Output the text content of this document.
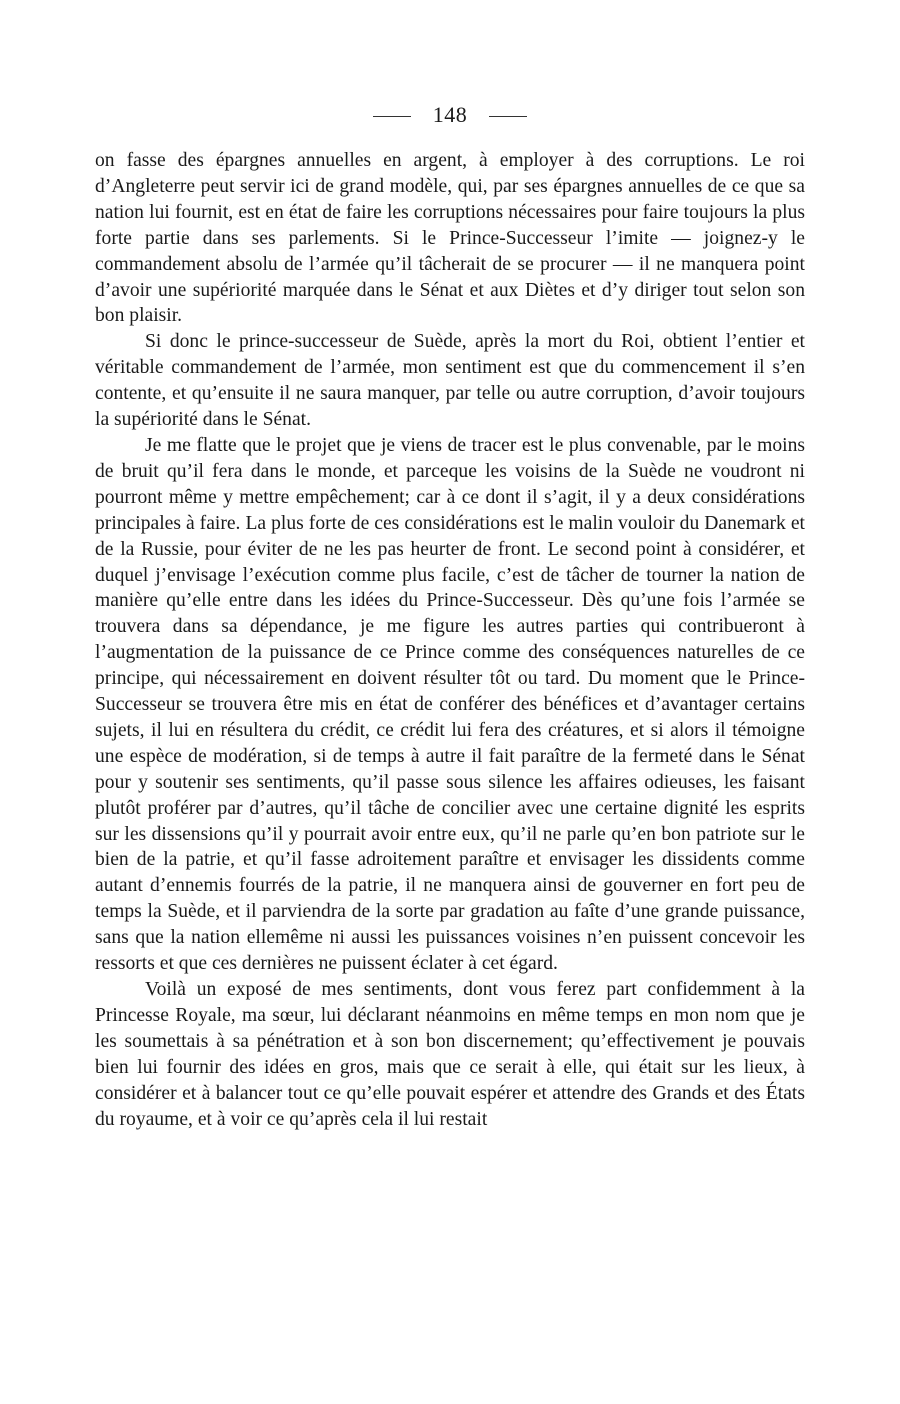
148

on fasse des épargnes annuelles en argent, à employer à des corruptions. Le roi d’Angleterre peut servir ici de grand modèle, qui, par ses épargnes annuelles de ce que sa nation lui fournit, est en état de faire les corruptions nécessaires pour faire toujours la plus forte partie dans ses parlements. Si le Prince-Successeur l’imite — joignez-y le commandement absolu de l’armée qu’il tâcherait de se procurer — il ne manquera point d’avoir une supériorité marquée dans le Sénat et aux Diètes et d’y diriger tout selon son bon plaisir.

Si donc le prince-successeur de Suède, après la mort du Roi, obtient l’entier et véritable commandement de l’armée, mon sentiment est que du commencement il s’en contente, et qu’ensuite il ne saura manquer, par telle ou autre corruption, d’avoir toujours la supériorité dans le Sénat.

Je me flatte que le projet que je viens de tracer est le plus convenable, par le moins de bruit qu’il fera dans le monde, et parceque les voisins de la Suède ne voudront ni pourront même y mettre empêchement; car à ce dont il s’agit, il y a deux considérations principales à faire. La plus forte de ces considérations est le malin vouloir du Danemark et de la Russie, pour éviter de ne les pas heurter de front. Le second point à considérer, et duquel j’envisage l’exécution comme plus facile, c’est de tâcher de tourner la nation de manière qu’elle entre dans les idées du Prince-Successeur. Dès qu’une fois l’armée se trouvera dans sa dépendance, je me figure les autres parties qui contribueront à l’augmentation de la puissance de ce Prince comme des conséquences naturelles de ce principe, qui nécessairement en doivent résulter tôt ou tard. Du moment que le Prince-Successeur se trouvera être mis en état de conférer des bénéfices et d’avantager certains sujets, il lui en résultera du crédit, ce crédit lui fera des créatures, et si alors il témoigne une espèce de modération, si de temps à autre il fait paraître de la fermeté dans le Sénat pour y soutenir ses sentiments, qu’il passe sous silence les affaires odieuses, les faisant plutôt proférer par d’autres, qu’il tâche de concilier avec une certaine dignité les esprits sur les dissensions qu’il y pourrait avoir entre eux, qu’il ne parle qu’en bon patriote sur le bien de la patrie, et qu’il fasse adroitement paraître et envisager les dissidents comme autant d’ennemis fourrés de la patrie, il ne manquera ainsi de gouverner en fort peu de temps la Suède, et il parviendra de la sorte par gradation au faîte d’une grande puissance, sans que la nation ellemême ni aussi les puissances voisines n’en puissent concevoir les ressorts et que ces dernières ne puissent éclater à cet égard.

Voilà un exposé de mes sentiments, dont vous ferez part confidemment à la Princesse Royale, ma sœur, lui déclarant néanmoins en même temps en mon nom que je les soumettais à sa pénétration et à son bon discernement; qu’effectivement je pouvais bien lui fournir des idées en gros, mais que ce serait à elle, qui était sur les lieux, à considérer et à balancer tout ce qu’elle pouvait espérer et attendre des Grands et des États du royaume, et à voir ce qu’après cela il lui restait
